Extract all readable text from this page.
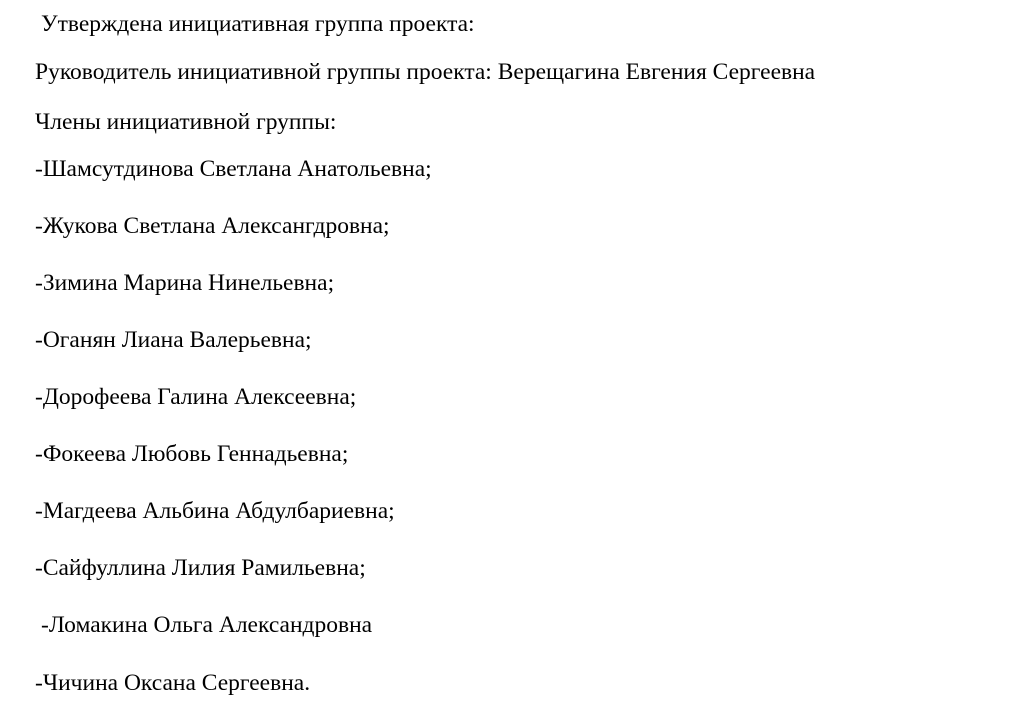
Утверждена инициативная группа проекта:

Руководитель инициативной группы проекта: Верещагина Евгения Сергеевна

Члены инициативной группы:

-Шамсутдинова Светлана Анатольевна;

-Жукова Светлана Алексангдровна;

-Зимина Марина Нинельевна;

-Оганян Лиана Валерьевна;

-Дорофеева Галина Алексеевна;

-Фокеева Любовь Геннадьевна;

-Магдеева Альбина Абдулбариевна;

-Сайфуллина Лилия Рамильевна;

-Ломакина Ольга Александровна

-Чичина Оксана Сергеевна.
